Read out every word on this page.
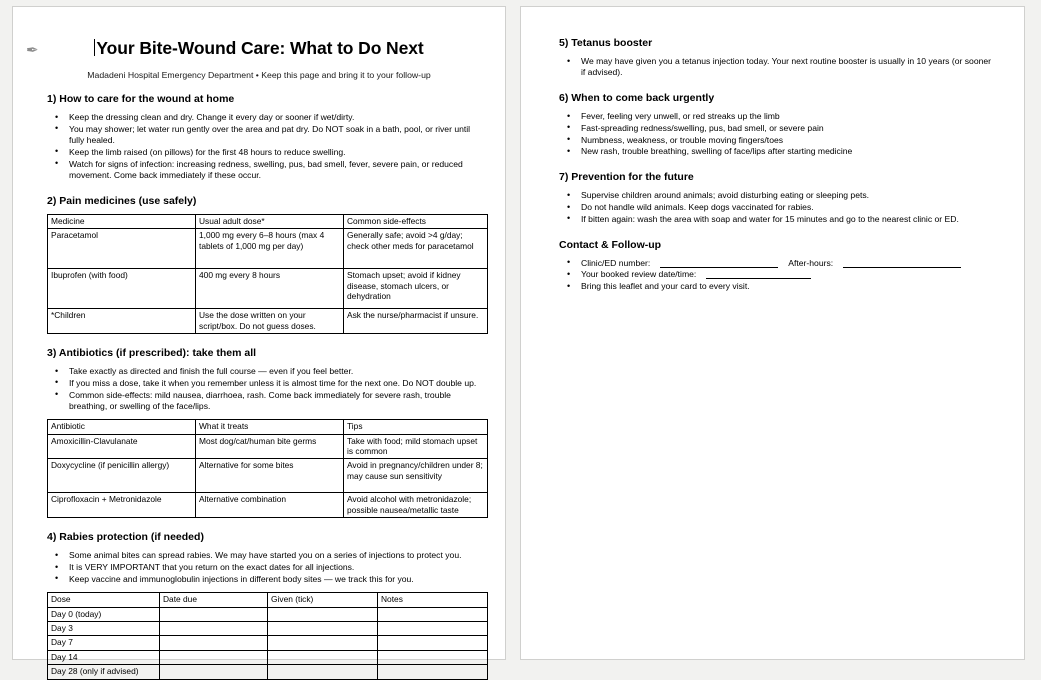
✒	Your Bite-Wound Care: What to Do Next

Madadeni Hospital Emergency Department • Keep this page and bring it to your follow-up

1) How to care for the wound at home
• Keep the dressing clean and dry. Change it every day or sooner if wet/dirty.
• You may shower; let water run gently over the area and pat dry. Do NOT soak in a bath, pool, or river until fully healed.
• Keep the limb raised (on pillows) for the first 48 hours to reduce swelling.
• Watch for signs of infection: increasing redness, swelling, pus, bad smell, fever, severe pain, or reduced movement. Come back immediately if these occur.
2) Pain medicines (use safely)
Medicine	Usual adult dose*	Common side-effects
Paracetamol	1,000 mg every 6–8 hours (max 4 tablets of 1,000 mg per day)	Generally safe; avoid >4 g/day; check other meds for paracetamol
Ibuprofen (with food)	400 mg every 8 hours	Stomach upset; avoid if kidney disease, stomach ulcers, or dehydration
*Children	Use the dose written on your script/box. Do not guess doses.	Ask the nurse/pharmacist if unsure.
3) Antibiotics (if prescribed): take them all
• Take exactly as directed and finish the full course — even if you feel better.
• If you miss a dose, take it when you remember unless it is almost time for the next one. Do NOT double up.
• Common side-effects: mild nausea, diarrhoea, rash. Come back immediately for severe rash, trouble breathing, or swelling of the face/lips.
Antibiotic	What it treats	Tips
Amoxicillin-Clavulanate	Most dog/cat/human bite germs	Take with food; mild stomach upset is common
Doxycycline (if penicillin allergy)	Alternative for some bites	Avoid in pregnancy/children under 8; may cause sun sensitivity
Ciprofloxacin + Metronidazole	Alternative combination	Avoid alcohol with metronidazole; possible nausea/metallic taste
4) Rabies protection (if needed)
• Some animal bites can spread rabies. We may have started you on a series of injections to protect you.
• It is VERY IMPORTANT that you return on the exact dates for all injections.
• Keep vaccine and immunoglobulin injections in different body sites — we track this for you.
Dose	Date due	Given (tick)	Notes
Day 0 (today)			
Day 3			
Day 7			
Day 14			
Day 28 (only if advised)			
5) Tetanus booster
• We may have given you a tetanus injection today. Your next routine booster is usually in 10 years (or sooner if advised).
6) When to come back urgently
• Fever, feeling very unwell, or red streaks up the limb
• Fast-spreading redness/swelling, pus, bad smell, or severe pain
• Numbness, weakness, or trouble moving fingers/toes
• New rash, trouble breathing, swelling of face/lips after starting medicine
7) Prevention for the future
• Supervise children around animals; avoid disturbing eating or sleeping pets.
• Do not handle wild animals. Keep dogs vaccinated for rabies.
• If bitten again: wash the area with soap and water for 15 minutes and go to the nearest clinic or ED.
Contact & Follow-up
• Clinic/ED number:	After-hours:
• Your booked review date/time:
• Bring this leaflet and your card to every visit.
